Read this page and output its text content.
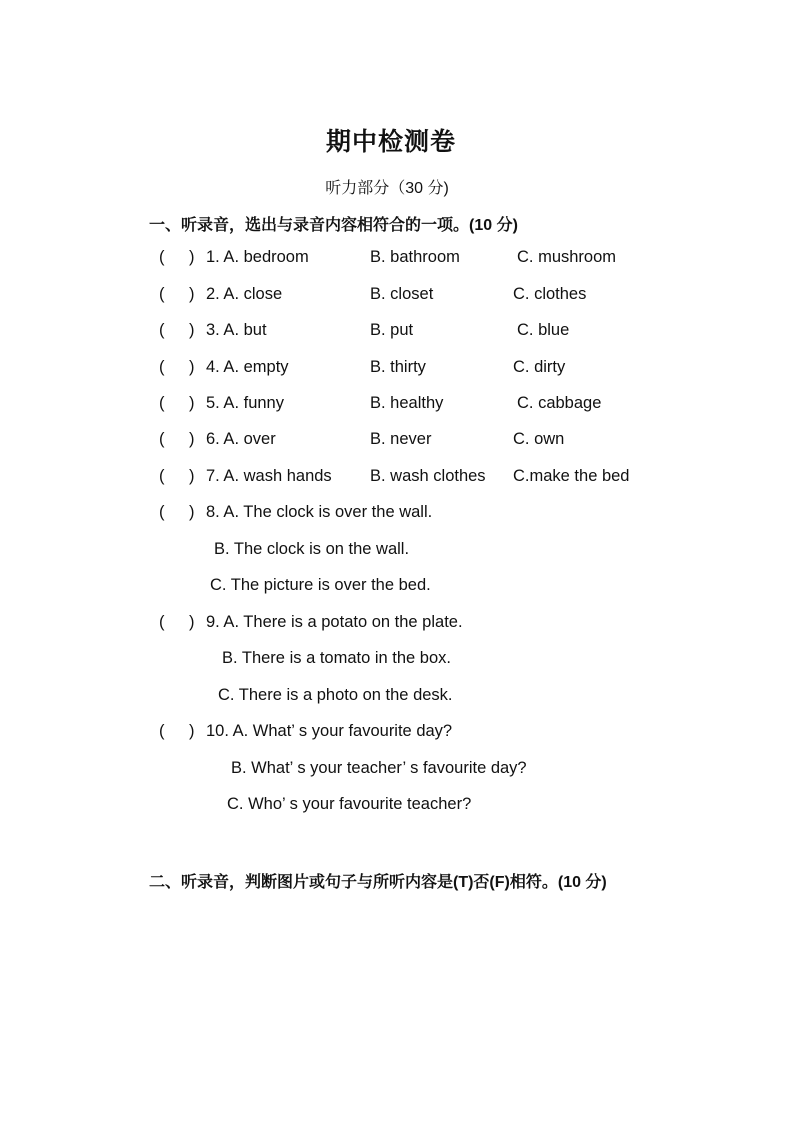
期中检测卷
听力部分（30 分)
一、听录音，选出与录音内容相符合的一项。(10 分)
( ) 1. A. bedroom	B. bathroom	C. mushroom
( ) 2. A. close	B. closet	C. clothes
( ) 3. A. but	B. put	C. blue
( ) 4. A. empty	B. thirty	C. dirty
( ) 5. A. funny	B. healthy	C. cabbage
( ) 6. A. over	B. never	C. own
( ) 7. A. wash hands B. wash clothes C.make the bed
( ) 8. A. The clock is over the wall.
B. The clock is on the wall.
C. The picture is over the bed.
( ) 9. A. There is a potato on the plate.
B. There is a tomato in the box.
C. There is a photo on the desk.
( ) 10. A. What’ s your favourite day?
B. What’ s your teacher’ s favourite day?
C. Who’ s your favourite teacher?
二、听录音，判断图片或句子与所听内容是(T)否(F)相符。(10 分)
